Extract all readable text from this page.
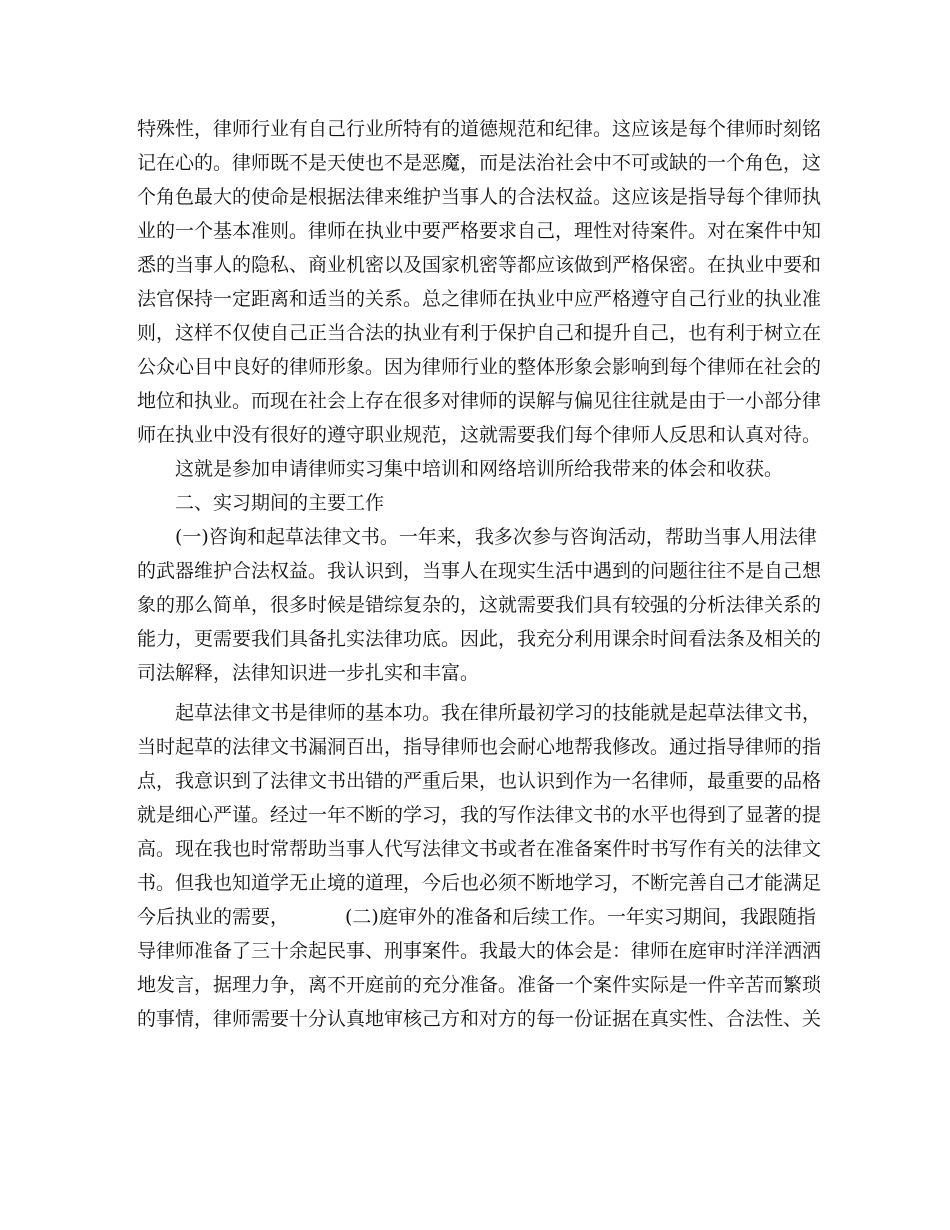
特殊性，律师行业有自己行业所特有的道德规范和纪律。这应该是每个律师时刻铭
记在心的。律师既不是天使也不是恶魔，而是法治社会中不可或缺的一个角色，这
个角色最大的使命是根据法律来维护当事人的合法权益。这应该是指导每个律师执
业的一个基本准则。律师在执业中要严格要求自己，理性对待案件。对在案件中知
悉的当事人的隐私、商业机密以及国家机密等都应该做到严格保密。在执业中要和
法官保持一定距离和适当的关系。总之律师在执业中应严格遵守自己行业的执业准
则，这样不仅使自己正当合法的执业有利于保护自己和提升自己，也有利于树立在
公众心目中良好的律师形象。因为律师行业的整体形象会影响到每个律师在社会的
地位和执业。而现在社会上存在很多对律师的误解与偏见往往就是由于一小部分律
师在执业中没有很好的遵守职业规范，这就需要我们每个律师人反思和认真对待。
这就是参加申请律师实习集中培训和网络培训所给我带来的体会和收获。
二、实习期间的主要工作
(一)咨询和起草法律文书。一年来，我多次参与咨询活动，帮助当事人用法律
的武器维护合法权益。我认识到，当事人在现实生活中遇到的问题往往不是自己想
象的那么简单，很多时候是错综复杂的，这就需要我们具有较强的分析法律关系的
能力，更需要我们具备扎实法律功底。因此，我充分利用课余时间看法条及相关的
司法解释，法律知识进一步扎实和丰富。
起草法律文书是律师的基本功。我在律所最初学习的技能就是起草法律文书，
当时起草的法律文书漏洞百出，指导律师也会耐心地帮我修改。通过指导律师的指
点，我意识到了法律文书出错的严重后果，也认识到作为一名律师，最重要的品格
就是细心严谨。经过一年不断的学习，我的写作法律文书的水平也得到了显著的提
高。现在我也时常帮助当事人代写法律文书或者在准备案件时书写作有关的法律文
书。但我也知道学无止境的道理，今后也必须不断地学习，不断完善自己才能满足
今后执业的需要，	(二)庭审外的准备和后续工作。一年实习期间，我跟随指
导律师准备了三十余起民事、刑事案件。我最大的体会是：律师在庭审时洋洋洒洒
地发言，据理力争，离不开庭前的充分准备。准备一个案件实际是一件辛苦而繁琐
的事情，律师需要十分认真地审核己方和对方的每一份证据在真实性、合法性、关
